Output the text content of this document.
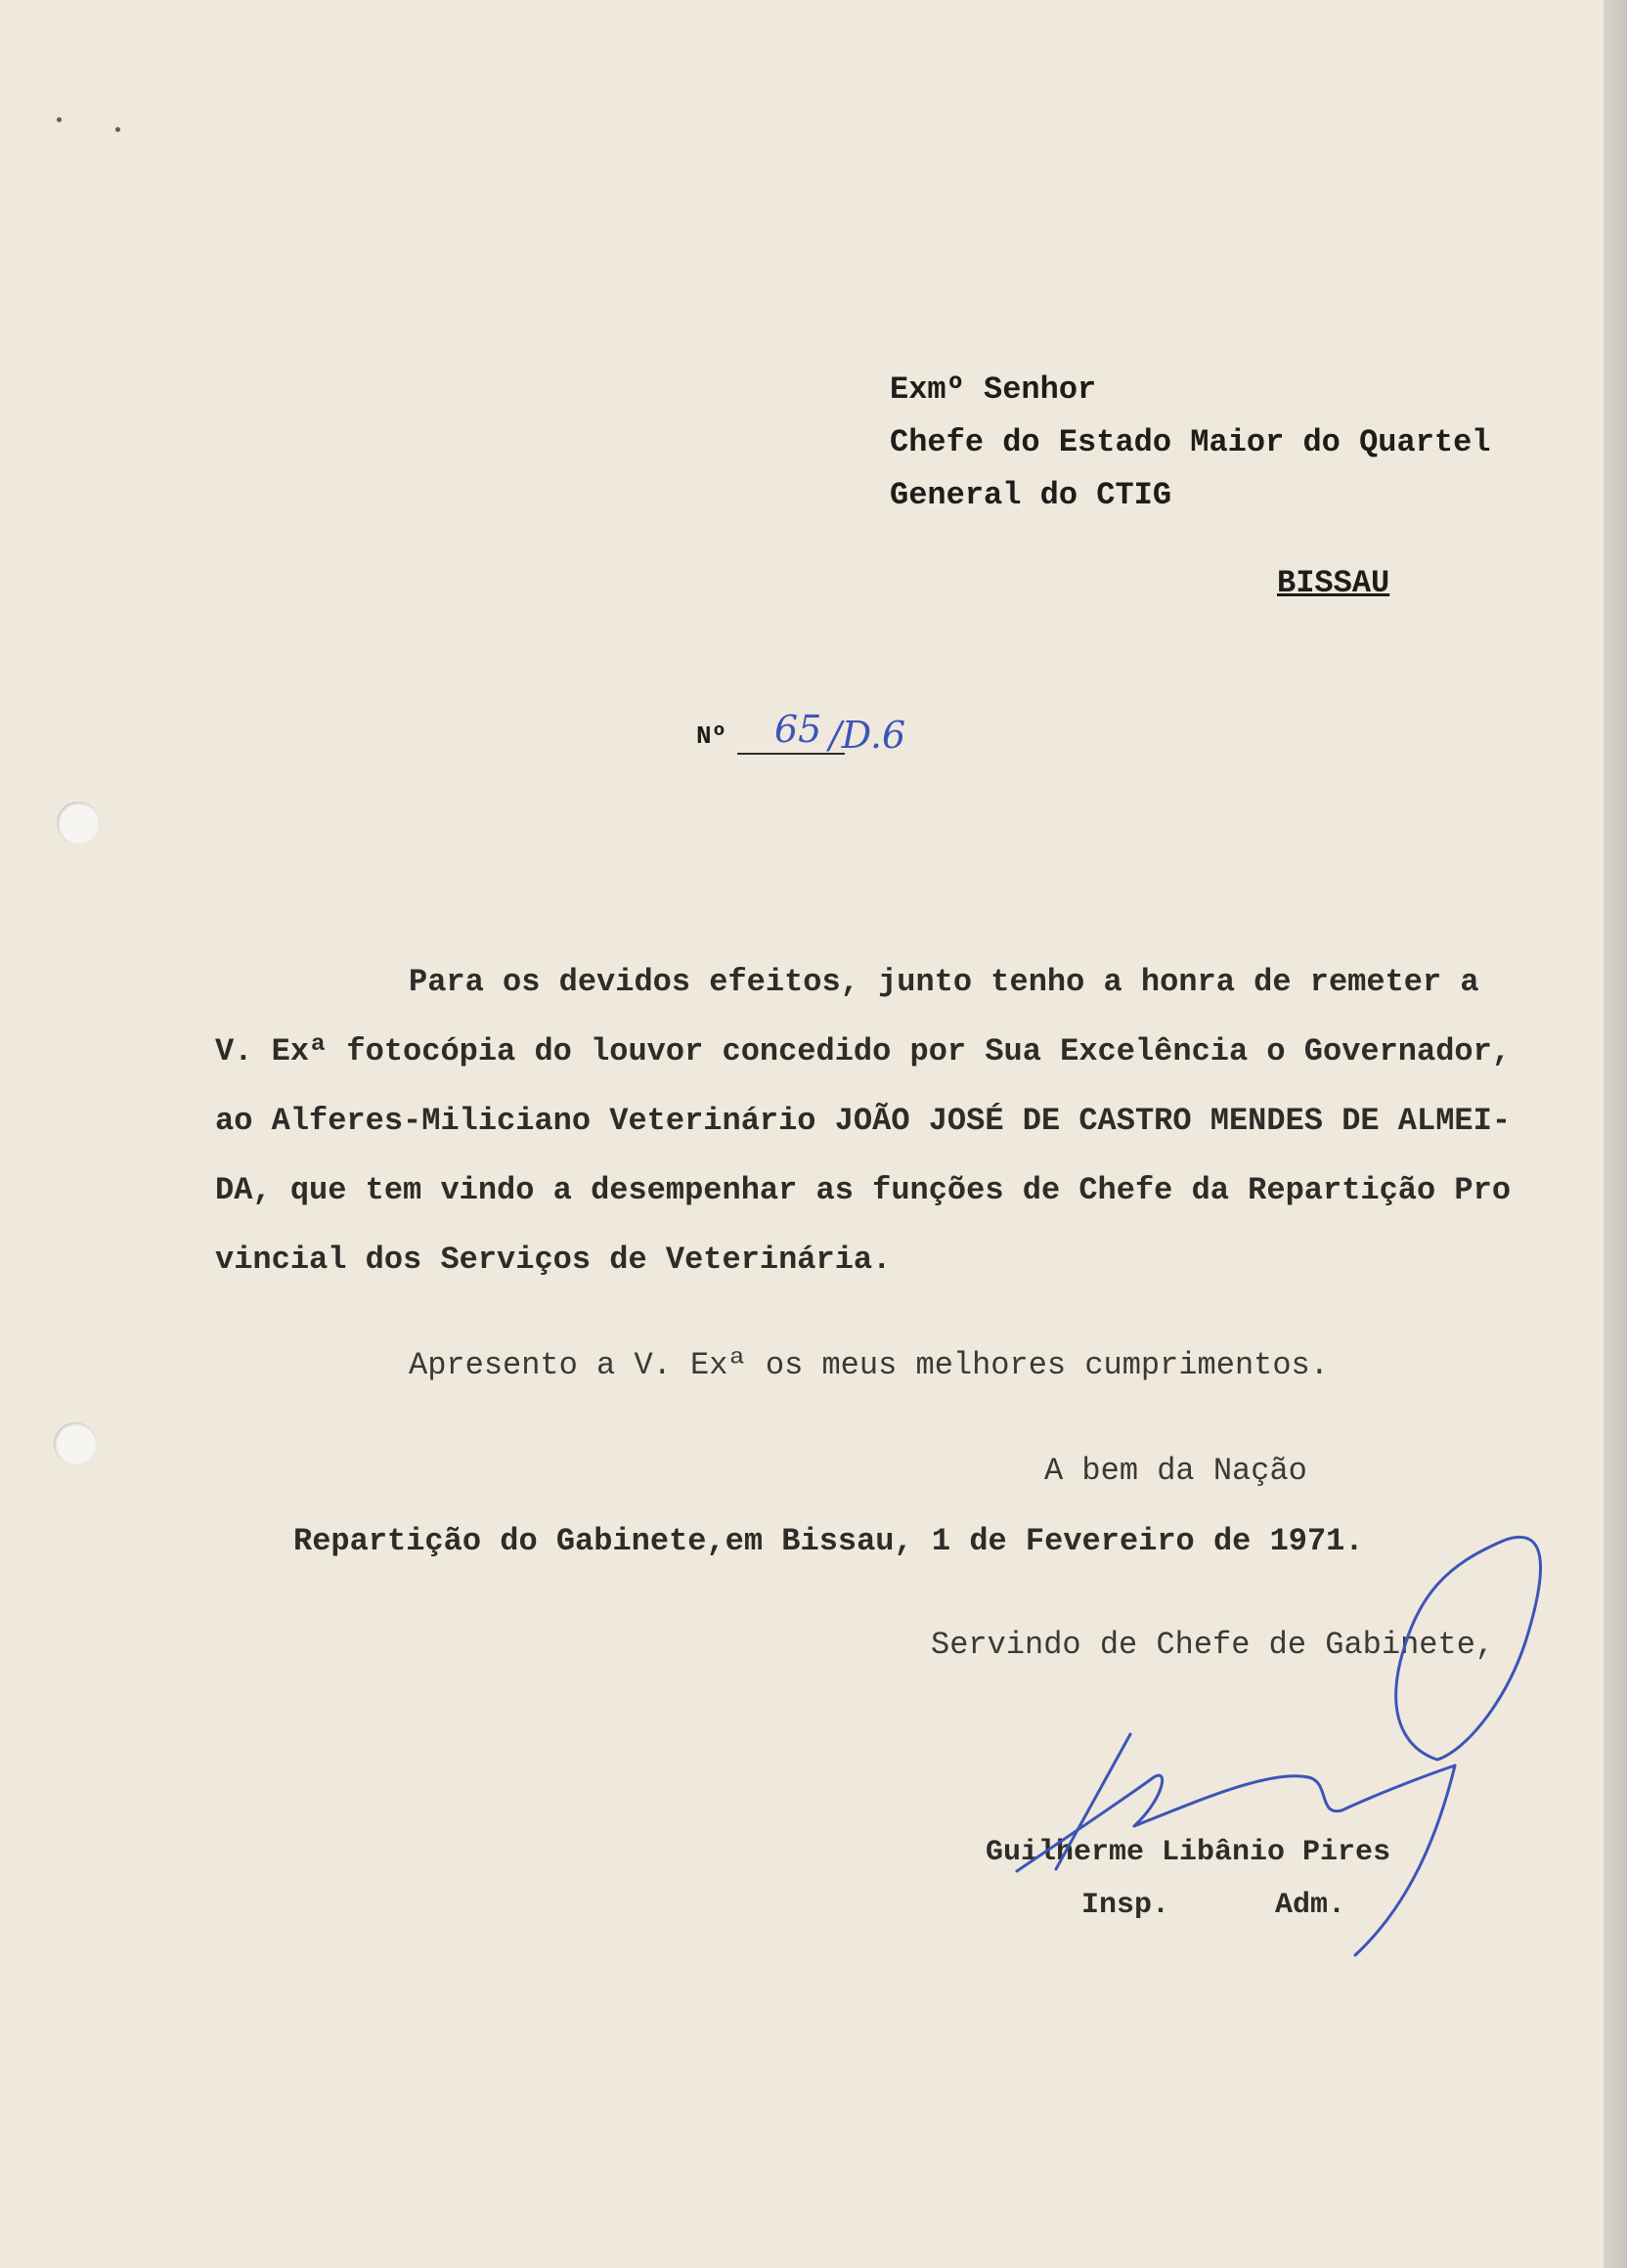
Exmº Senhor
Chefe do Estado Maior do Quartel
General do CTIG
BISSAU
Nº 65 /D.6
Para os devidos efeitos, junto tenho a honra de remeter a
V. Exª fotocópia do louvor concedido por Sua Excelência o Governador,
ao Alferes-Miliciano Veterinário JOÃO JOSÉ DE CASTRO MENDES DE ALMEI-
DA, que tem vindo a desempenhar as funções de Chefe da Repartição Pro
vincial dos Serviços de Veterinária.
Apresento a V. Exª os meus melhores cumprimentos.
A bem da Nação
Repartição do Gabinete,em Bissau, 1 de Fevereiro de 1971.
Servindo de Chefe de Gabinete,
Guilherme Libânio Pires
Insp.	Adm.
